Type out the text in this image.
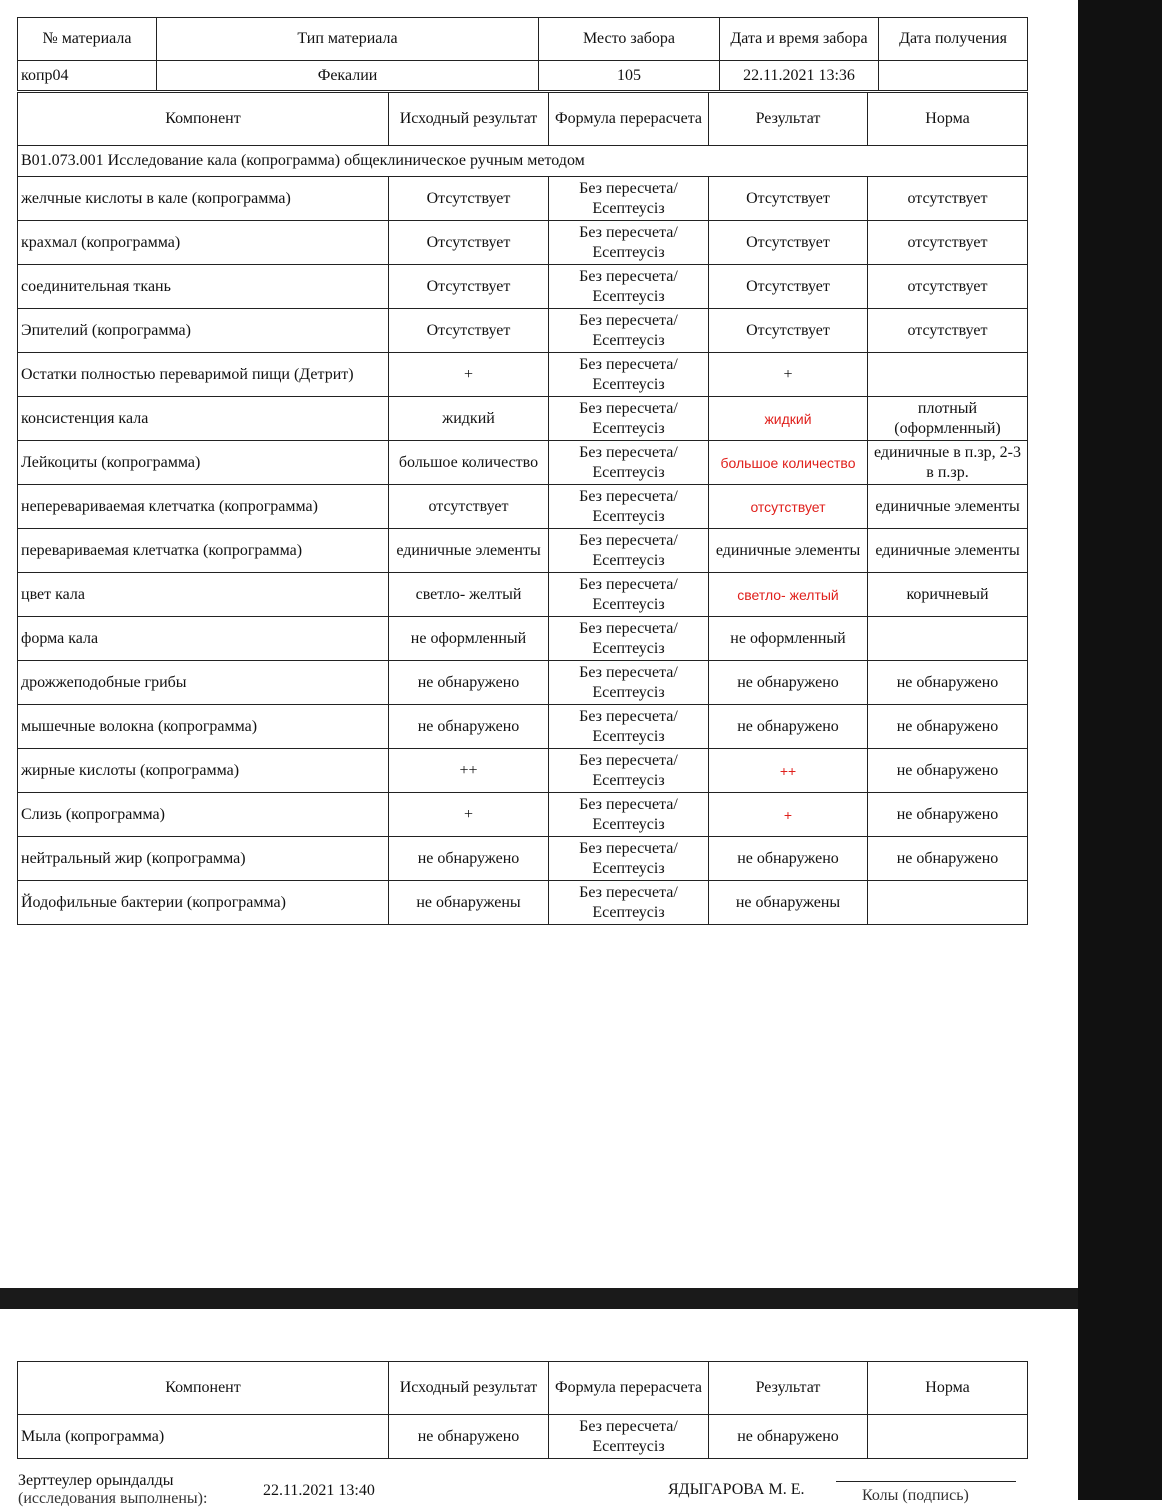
№ материала	Тип материала	Место забора	Дата и время забора	Дата получения
копр04	Фекалии	105	22.11.2021 13:36	
Компонент	Исходный результат	Формула перерасчета	Результат	Норма
B01.073.001 Исследование кала (копрограмма) общеклиническое ручным методом				
желчные кислоты в кале (копрограмма)	Отсутствует	Без пересчета/ Есептеусіз	Отсутствует	отсутствует
крахмал (копрограмма)	Отсутствует	Без пересчета/ Есептеусіз	Отсутствует	отсутствует
соединительная ткань	Отсутствует	Без пересчета/ Есептеусіз	Отсутствует	отсутствует
Эпителий (копрограмма)	Отсутствует	Без пересчета/ Есептеусіз	Отсутствует	отсутствует
Остатки полностью переваримой пищи (Детрит)	+	Без пересчета/ Есептеусіз	+	
консистенция кала	жидкий	Без пересчета/ Есептеусіз	жидкий	плотный (оформленный)
Лейкоциты (копрограмма)	большое количество	Без пересчета/ Есептеусіз	большое количество	единичные в п.зр, 2-3 в п.зр.
непереваривaемая клетчатка (копрограмма)	отсутствует	Без пересчета/ Есептеусіз	отсутствует	единичные элементы
перевариваемая клетчатка (копрограмма)	единичные элементы	Без пересчета/ Есептеусіз	единичные элементы	единичные элементы
цвет кала	светло- желтый	Без пересчета/ Есептеусіз	светло- желтый	коричневый
форма кала	не оформленный	Без пересчета/ Есептеусіз	не оформленный	
дрожжеподобные грибы	не обнаружено	Без пересчета/ Есептеусіз	не обнаружено	не обнаружено
мышечные волокна (копрограмма)	не обнаружено	Без пересчета/ Есептеусіз	не обнаружено	не обнаружено
жирные кислоты (копрограмма)	++	Без пересчета/ Есептеусіз	++	не обнаружено
Слизь (копрограмма)	+	Без пересчета/ Есептеусіз	+	не обнаружено
нейтральный жир (копрограмма)	не обнаружено	Без пересчета/ Есептеусіз	не обнаружено	не обнаружено
Йодофильные бактерии (копрограмма)	не обнаружены	Без пересчета/ Есептеусіз	не обнаружены	
Компонент	Исходный результат	Формула перерасчета	Результат	Норма
Мыла (копрограмма)	не обнаружено	Без пересчета/ Есептеусіз	не обнаружено	
Зерттеулер орындалды
(исследования выполнены):	22.11.2021 13:40	ЯДЫГАРОВА М. Е.	Колы (подпись)
